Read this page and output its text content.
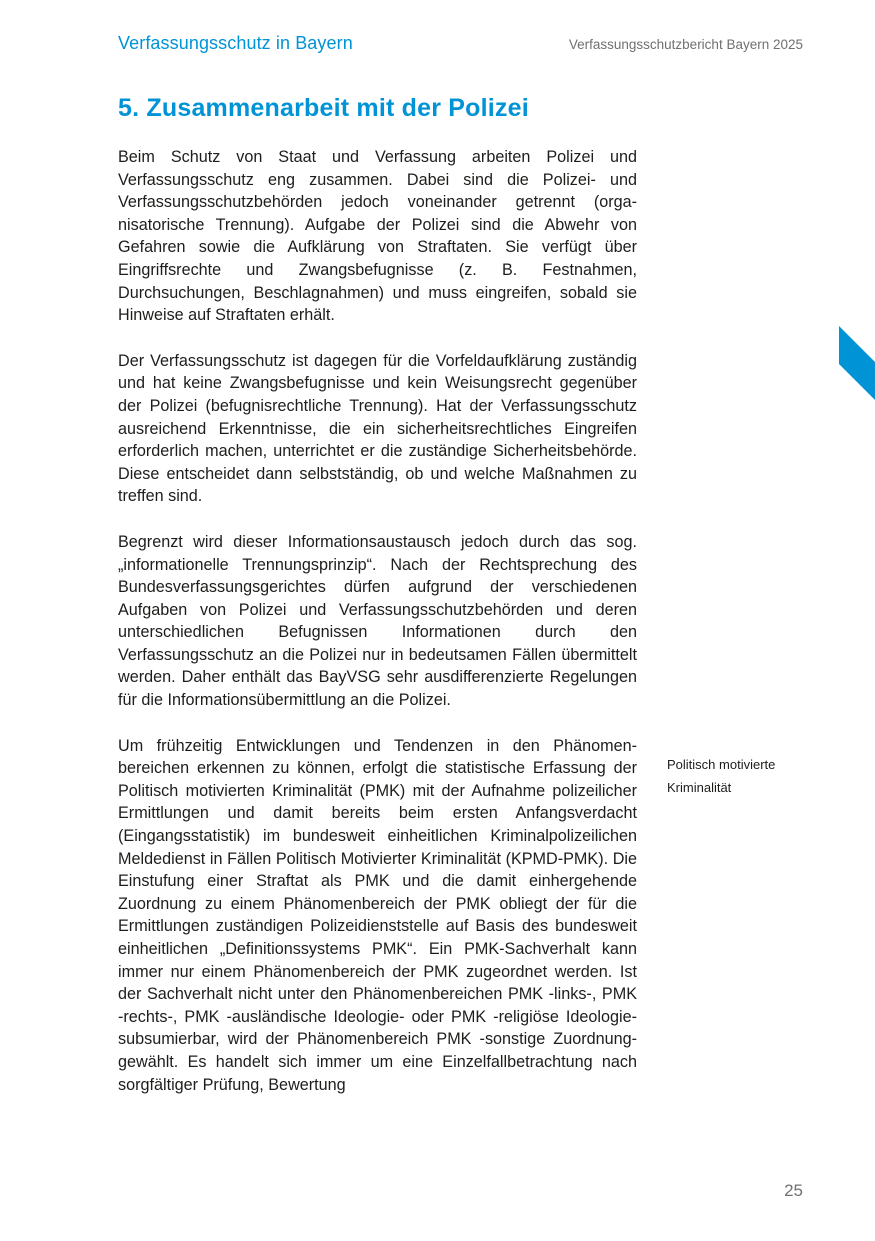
Verfassungsschutz in Bayern	Verfassungsschutzbericht Bayern 2025
5. Zusammenarbeit mit der Polizei

Beim Schutz von Staat und Verfassung arbeiten Polizei und Verfassungsschutz eng zusammen. Dabei sind die Polizei- und Verfassungsschutzbehörden jedoch voneinander getrennt (organisatorische Trennung). Aufgabe der Polizei sind die Abwehr von Gefahren sowie die Aufklärung von Straftaten. Sie verfügt über Eingriffsrechte und Zwangsbefugnisse (z. B. Festnahmen, Durchsuchungen, Beschlagnahmen) und muss eingreifen, sobald sie Hinweise auf Straftaten erhält.

Der Verfassungsschutz ist dagegen für die Vorfeldaufklärung zuständig und hat keine Zwangsbefugnisse und kein Weisungsrecht gegenüber der Polizei (befugnisrechtliche Trennung). Hat der Verfassungsschutz ausreichend Erkenntnisse, die ein sicherheitsrechtliches Eingreifen erforderlich machen, unterrichtet er die zuständige Sicherheitsbehörde. Diese entscheidet dann selbstständig, ob und welche Maßnahmen zu treffen sind.

Begrenzt wird dieser Informationsaustausch jedoch durch das sog. „informationelle Trennungsprinzip“. Nach der Rechtsprechung des Bundesverfassungsgerichtes dürfen aufgrund der verschiedenen Aufgaben von Polizei und Verfassungsschutzbehörden und deren unterschiedlichen Befugnissen Informationen durch den Verfassungsschutz an die Polizei nur in bedeutsamen Fällen übermittelt werden. Daher enthält das BayVSG sehr ausdifferenzierte Regelungen für die Informationsübermittlung an die Polizei.

Um frühzeitig Entwicklungen und Tendenzen in den Phänomenbereichen erkennen zu können, erfolgt die statistische Erfassung der Politisch motivierten Kriminalität (PMK) mit der Aufnahme polizeilicher Ermittlungen und damit bereits beim ersten Anfangsverdacht (Eingangsstatistik) im bundesweit einheitlichen Kriminalpolizeilichen Meldedienst in Fällen Politisch Motivierter Kriminalität (KPMD-PMK). Die Einstufung einer Straftat als PMK und die damit einhergehende Zuordnung zu einem Phänomenbereich der PMK obliegt der für die Ermittlungen zuständigen Polizeidienststelle auf Basis des bundesweit einheitlichen „Definitionssystems PMK“. Ein PMK-Sachverhalt kann immer nur einem Phänomenbereich der PMK zugeordnet werden. Ist der Sachverhalt nicht unter den Phänomenbereichen PMK -links-, PMK -rechts-, PMK -ausländische Ideologie- oder PMK -religiöse Ideologie- subsumierbar, wird der Phänomenbereich PMK -sonstige Zuordnung- gewählt. Es handelt sich immer um eine Einzelfallbetrachtung nach sorgfältiger Prüfung, Bewertung

Politisch motivierte Kriminalität
25
